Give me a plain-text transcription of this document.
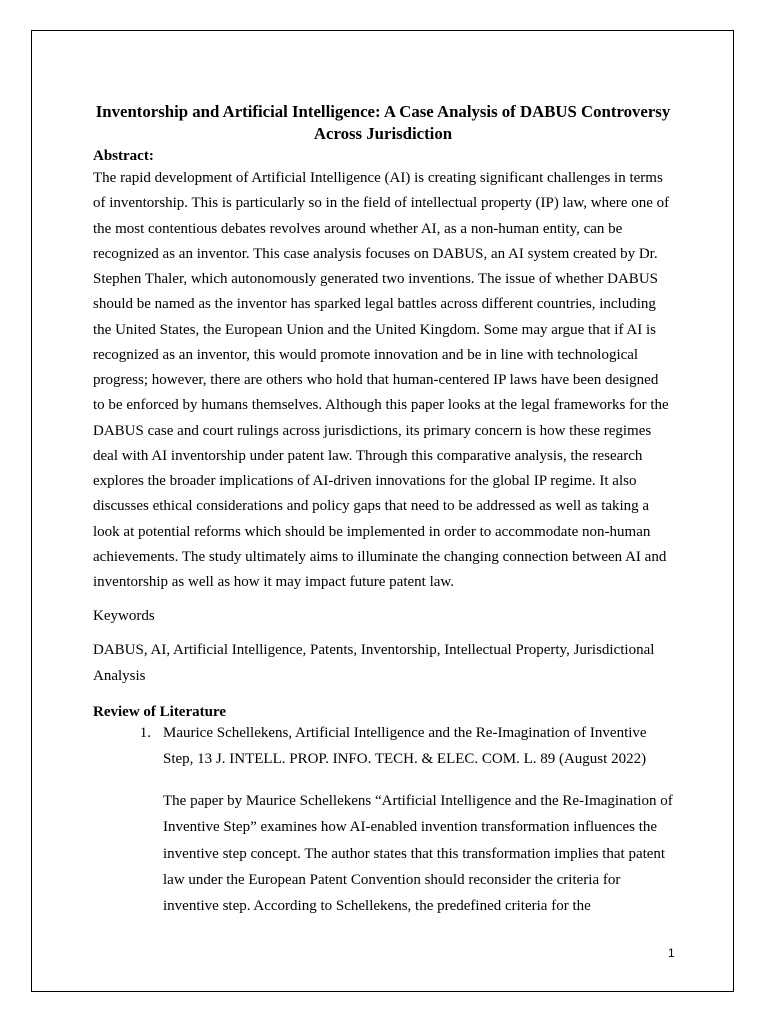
Inventorship and Artificial Intelligence: A Case Analysis of DABUS Controversy Across Jurisdiction
Abstract:

The rapid development of Artificial Intelligence (AI) is creating significant challenges in terms of inventorship. This is particularly so in the field of intellectual property (IP) law, where one of the most contentious debates revolves around whether AI, as a non-human entity, can be recognized as an inventor. This case analysis focuses on DABUS, an AI system created by Dr. Stephen Thaler, which autonomously generated two inventions. The issue of whether DABUS should be named as the inventor has sparked legal battles across different countries, including the United States, the European Union and the United Kingdom. Some may argue that if AI is recognized as an inventor, this would promote innovation and be in line with technological progress; however, there are others who hold that human-centered IP laws have been designed to be enforced by humans themselves. Although this paper looks at the legal frameworks for the DABUS case and court rulings across jurisdictions, its primary concern is how these regimes deal with AI inventorship under patent law. Through this comparative analysis, the research explores the broader implications of AI-driven innovations for the global IP regime. It also discusses ethical considerations and policy gaps that need to be addressed as well as taking a look at potential reforms which should be implemented in order to accommodate non-human achievements. The study ultimately aims to illuminate the changing connection between AI and inventorship as well as how it may impact future patent law.

Keywords
DABUS, AI, Artificial Intelligence, Patents, Inventorship, Intellectual Property, Jurisdictional Analysis
Review of Literature
1. Maurice Schellekens, Artificial Intelligence and the Re-Imagination of Inventive Step, 13 J. INTELL. PROP. INFO. TECH. & ELEC. COM. L. 89 (August 2022)
The paper by Maurice Schellekens “Artificial Intelligence and the Re-Imagination of Inventive Step” examines how AI-enabled invention transformation influences the inventive step concept. The author states that this transformation implies that patent law under the European Patent Convention should reconsider the criteria for inventive step. According to Schellekens, the predefined criteria for the
1
